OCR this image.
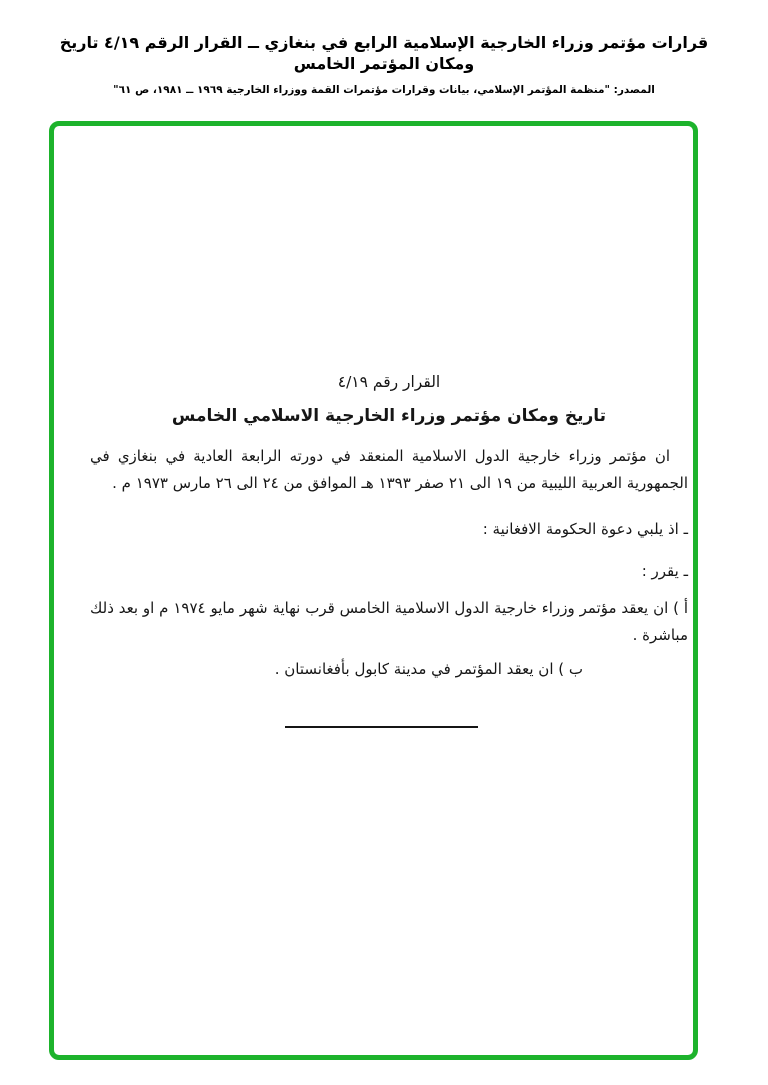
قرارات مؤتمر وزراء الخارجية الإسلامية الرابع في بنغازي ــ القرار الرقم ٤/١٩ تاريخ ومكان المؤتمر الخامس
المصدر: "منظمة المؤتمر الإسلامي، بيانات وقرارات مؤتمرات القمة ووزراء الخارجية ١٩٦٩ ــ ١٩٨١، ص ٦١"
القرار رقم ٤/١٩
تاريخ ومكان مؤتمر وزراء الخارجية الاسلامي الخامس
ان مؤتمر وزراء خارجية الدول الاسلامية المنعقد في دورته الرابعة العادية في بنغازي في الجمهورية العربية الليبية من ١٩ الى ٢١ صفر ١٣٩٣ هـ الموافق من ٢٤ الى ٢٦ مارس ١٩٧٣ م .
ـ اذ يلبي دعوة الحكومة الافغانية :
ـ يقرر :
أ ) ان يعقد مؤتمر وزراء خارجية الدول الاسلامية الخامس قرب نهاية شهر مايو ١٩٧٤ م او بعد ذلك مباشرة .
ب ) ان يعقد المؤتمر في مدينة كابول بأفغانستان .
